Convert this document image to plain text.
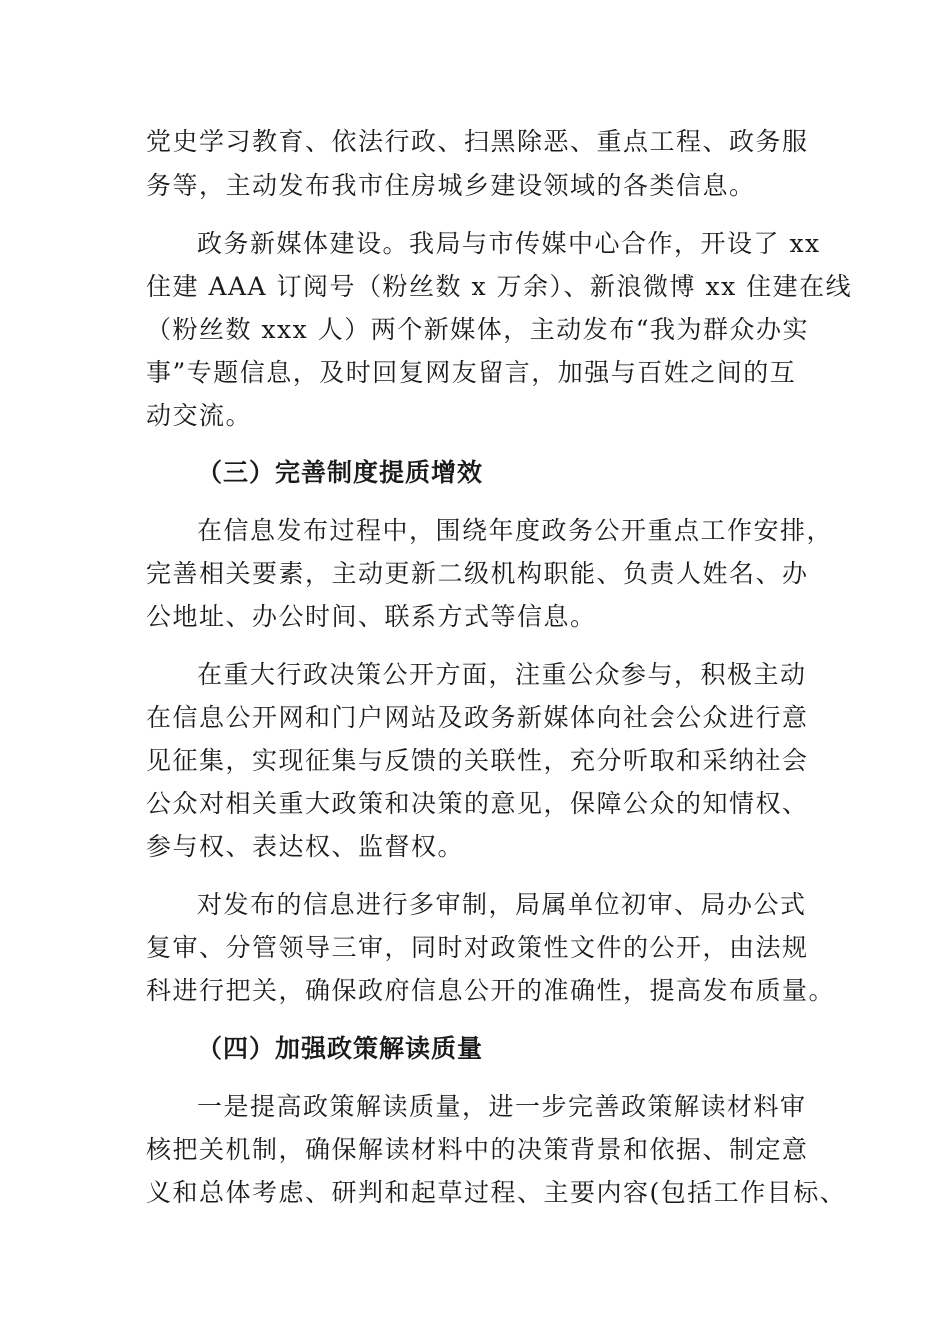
党史学习教育、依法行政、扫黑除恶、重点工程、政务服
务等，主动发布我市住房城乡建设领域的各类信息。
政务新媒体建设。我局与市传媒中心合作，开设了 xx
住建 AAA 订阅号（粉丝数 x 万余）、新浪微博 xx 住建在线
（粉丝数 xxx 人）两个新媒体，主动发布“我为群众办实
事”专题信息，及时回复网友留言，加强与百姓之间的互
动交流。
（三）完善制度提质增效
在信息发布过程中，围绕年度政务公开重点工作安排，
完善相关要素，主动更新二级机构职能、负责人姓名、办
公地址、办公时间、联系方式等信息。
在重大行政决策公开方面，注重公众参与，积极主动
在信息公开网和门户网站及政务新媒体向社会公众进行意
见征集，实现征集与反馈的关联性，充分听取和采纳社会
公众对相关重大政策和决策的意见，保障公众的知情权、
参与权、表达权、监督权。
对发布的信息进行多审制，局属单位初审、局办公式
复审、分管领导三审，同时对政策性文件的公开，由法规
科进行把关，确保政府信息公开的准确性，提高发布质量。
（四）加强政策解读质量
一是提高政策解读质量，进一步完善政策解读材料审
核把关机制，确保解读材料中的决策背景和依据、制定意
义和总体考虑、研判和起草过程、主要内容(包括工作目标、
